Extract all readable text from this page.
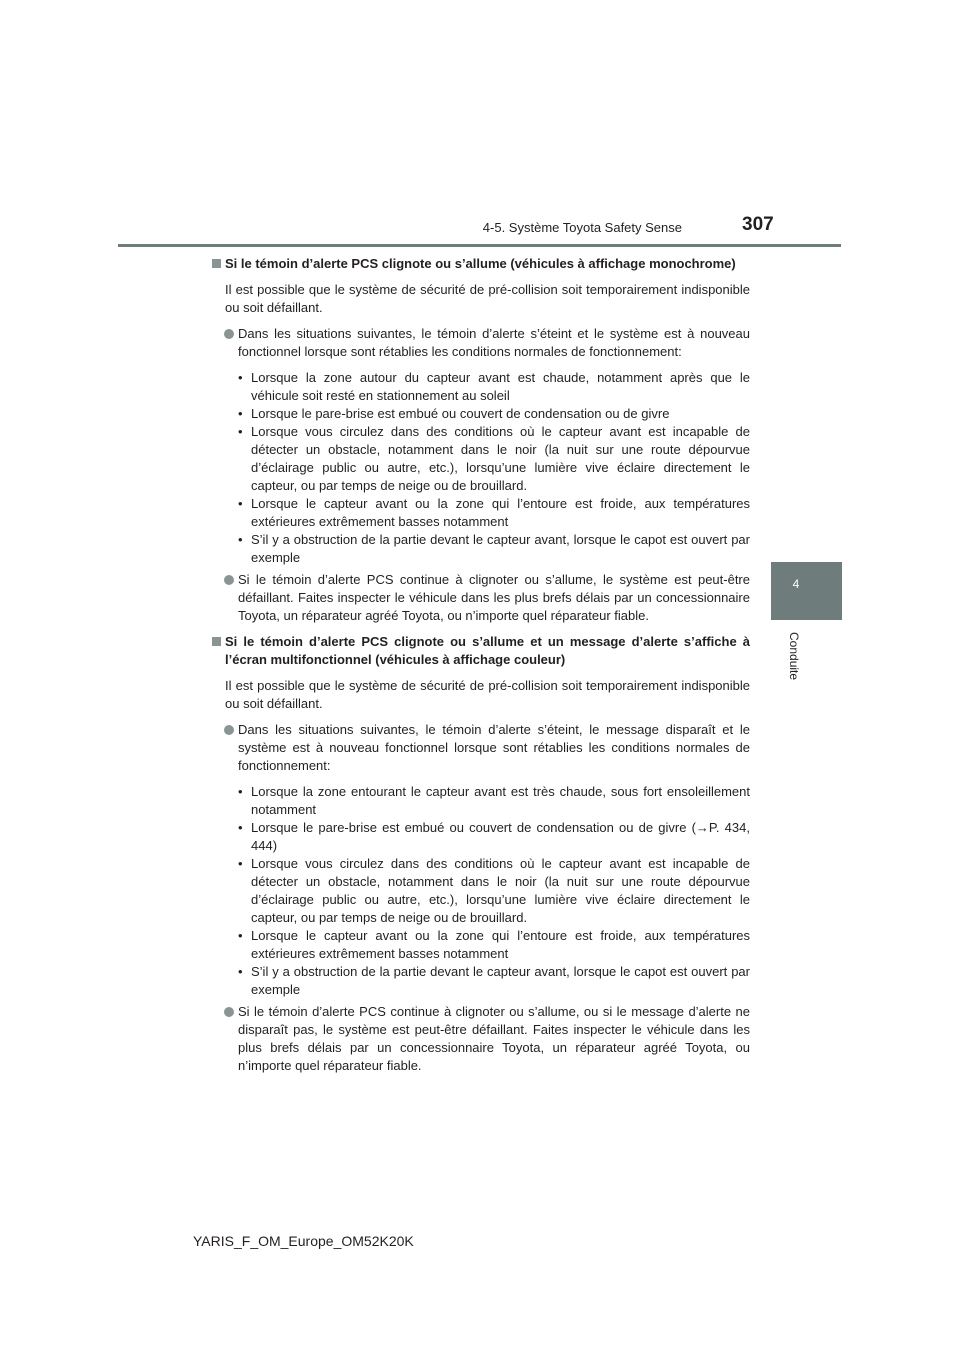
4-5. Système Toyota Safety Sense	307
4
Conduite
Si le témoin d’alerte PCS clignote ou s’allume (véhicules à affichage monochrome)
Il est possible que le système de sécurité de pré-collision soit temporairement indisponible ou soit défaillant.
Dans les situations suivantes, le témoin d’alerte s’éteint et le système est à nouveau fonctionnel lorsque sont rétablies les conditions normales de fonctionnement:
• Lorsque la zone autour du capteur avant est chaude, notamment après que le véhicule soit resté en stationnement au soleil
• Lorsque le pare-brise est embué ou couvert de condensation ou de givre
• Lorsque vous circulez dans des conditions où le capteur avant est incapable de détecter un obstacle, notamment dans le noir (la nuit sur une route dépourvue d’éclairage public ou autre, etc.), lorsqu’une lumière vive éclaire directement le capteur, ou par temps de neige ou de brouillard.
• Lorsque le capteur avant ou la zone qui l’entoure est froide, aux températures extérieures extrêmement basses notamment
• S’il y a obstruction de la partie devant le capteur avant, lorsque le capot est ouvert par exemple
Si le témoin d’alerte PCS continue à clignoter ou s’allume, le système est peut-être défaillant. Faites inspecter le véhicule dans les plus brefs délais par un concessionnaire Toyota, un réparateur agréé Toyota, ou n’importe quel réparateur fiable.
Si le témoin d’alerte PCS clignote ou s’allume et un message d’alerte s’affiche à l’écran multifonctionnel (véhicules à affichage couleur)
Il est possible que le système de sécurité de pré-collision soit temporairement indisponible ou soit défaillant.
Dans les situations suivantes, le témoin d’alerte s’éteint, le message disparaît et le système est à nouveau fonctionnel lorsque sont rétablies les conditions normales de fonctionnement:
• Lorsque la zone entourant le capteur avant est très chaude, sous fort ensoleillement notamment
• Lorsque le pare-brise est embué ou couvert de condensation ou de givre (→P. 434, 444)
• Lorsque vous circulez dans des conditions où le capteur avant est incapable de détecter un obstacle, notamment dans le noir (la nuit sur une route dépourvue d’éclairage public ou autre, etc.), lorsqu’une lumière vive éclaire directement le capteur, ou par temps de neige ou de brouillard.
• Lorsque le capteur avant ou la zone qui l’entoure est froide, aux températures extérieures extrêmement basses notamment
• S’il y a obstruction de la partie devant le capteur avant, lorsque le capot est ouvert par exemple
Si le témoin d’alerte PCS continue à clignoter ou s’allume, ou si le message d’alerte ne disparaît pas, le système est peut-être défaillant. Faites inspecter le véhicule dans les plus brefs délais par un concessionnaire Toyota, un réparateur agréé Toyota, ou n’importe quel réparateur fiable.
YARIS_F_OM_Europe_OM52K20K
